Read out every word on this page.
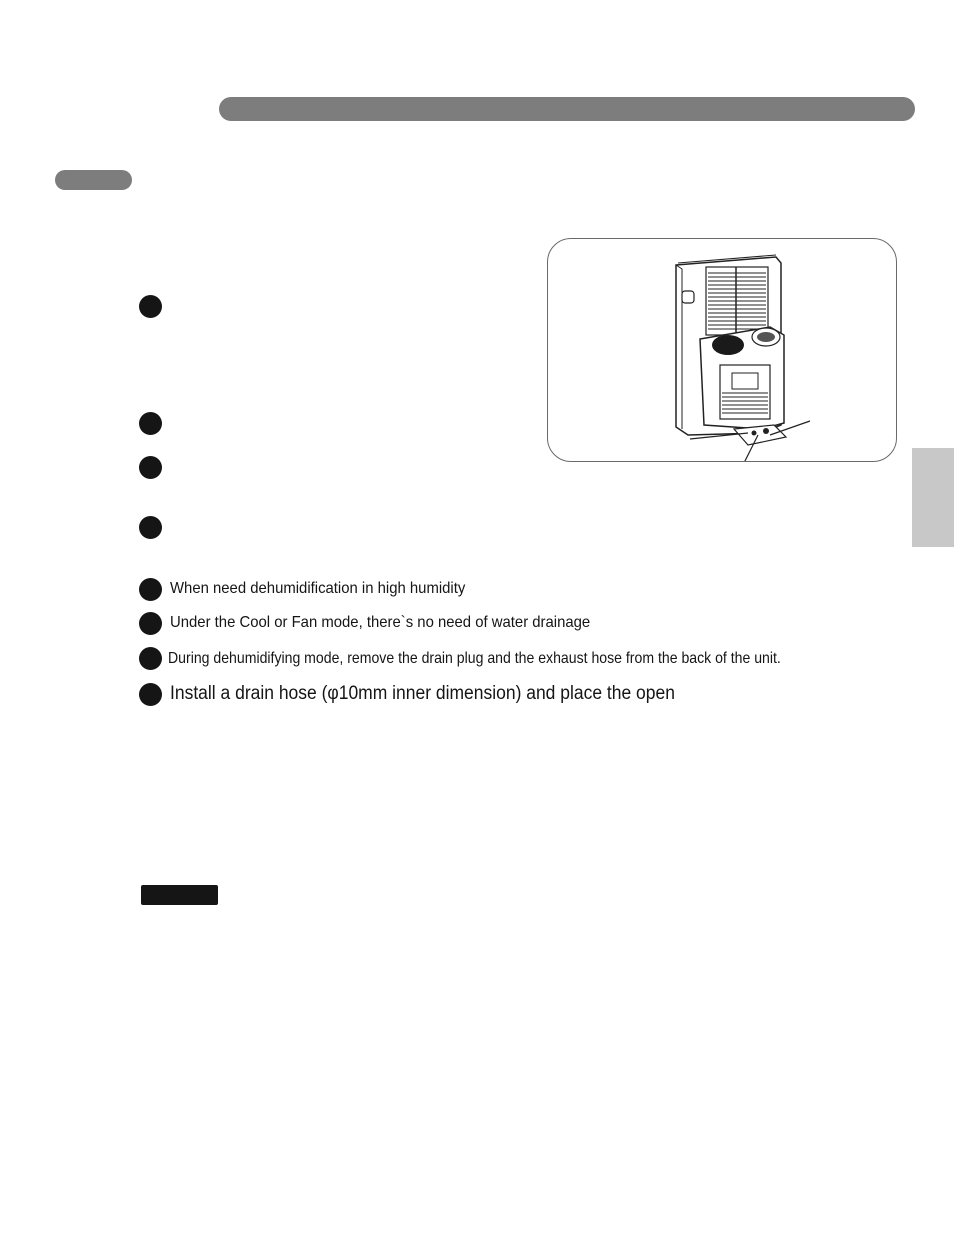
When need dehumidification in high humidity
Under the Cool or Fan mode, there`s no need of water drainage
During dehumidifying mode, remove the drain plug and the exhaust hose from the back of the unit.
Install a drain hose (φ10mm inner dimension) and place the open
